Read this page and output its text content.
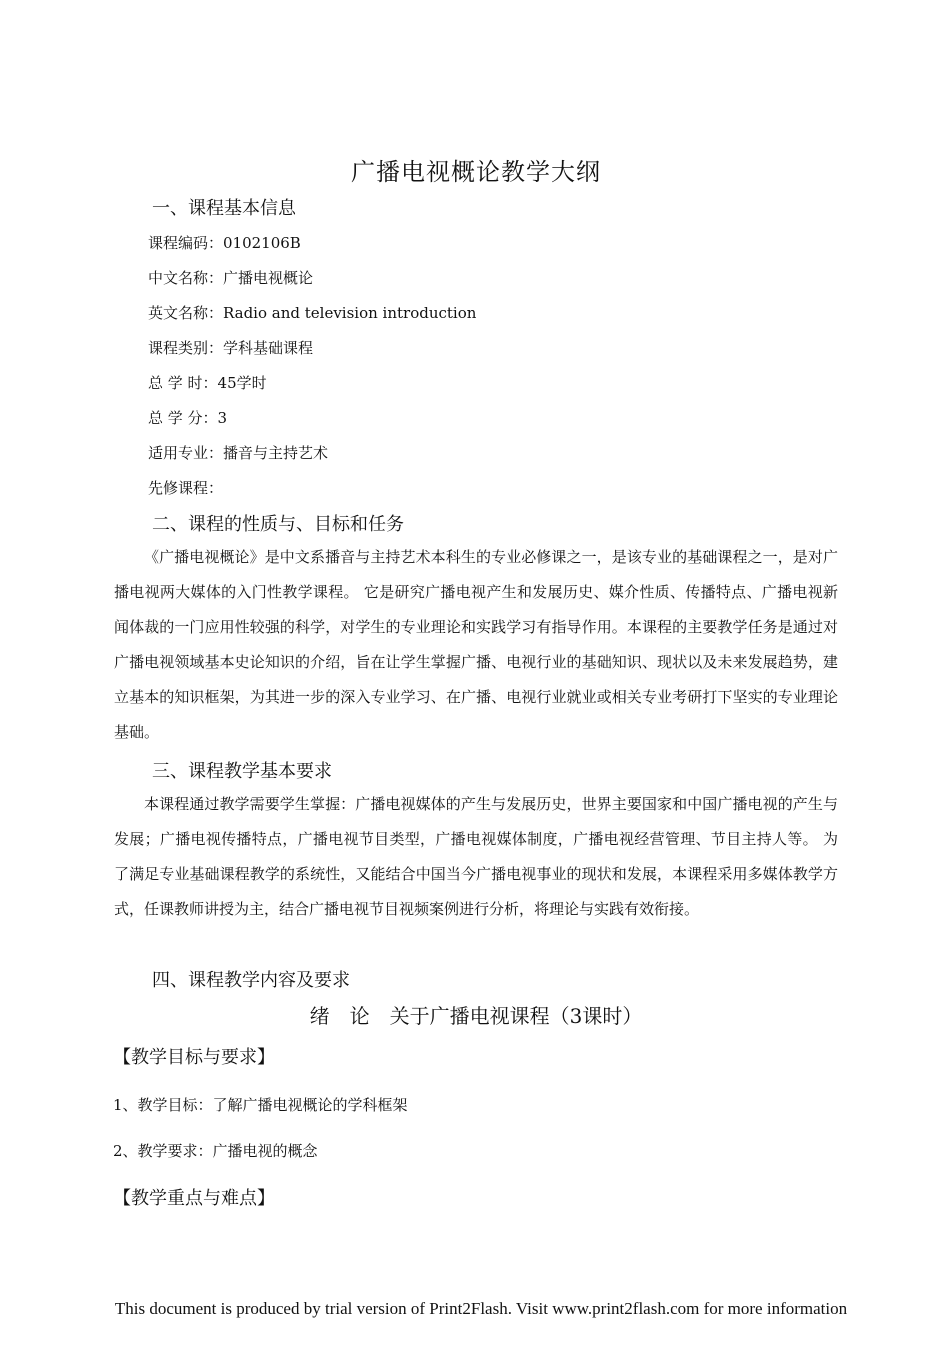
广播电视概论教学大纲
一、课程基本信息
课程编码：0102106B
中文名称：广播电视概论
英文名称：Radio and television introduction
课程类别：学科基础课程
总 学 时：45学时
总 学 分：3
适用专业：播音与主持艺术
先修课程：
二、课程的性质与、目标和任务

《广播电视概论》是中文系播音与主持艺术本科生的专业必修课之一，是该专业的基础课程之一，是对广播电视两大媒体的入门性教学课程。 它是研究广播电视产生和发展历史、媒介性质、传播特点、广播电视新闻体裁的一门应用性较强的科学，对学生的专业理论和实践学习有指导作用。本课程的主要教学任务是通过对广播电视领域基本史论知识的介绍，旨在让学生掌握广播、电视行业的基础知识、现状以及未来发展趋势，建立基本的知识框架，为其进一步的深入专业学习、在广播、电视行业就业或相关专业考研打下坚实的专业理论基础。

三、课程教学基本要求

本课程通过教学需要学生掌握：广播电视媒体的产生与发展历史，世界主要国家和中国广播电视的产生与发展；广播电视传播特点，广播电视节目类型，广播电视媒体制度，广播电视经营管理、节目主持人等。 为了满足专业基础课程教学的系统性，又能结合中国当今广播电视事业的现状和发展，本课程采用多媒体教学方式，任课教师讲授为主，结合广播电视节目视频案例进行分析，将理论与实践有效衔接。

四、课程教学内容及要求
绪　论　关于广播电视课程（3课时）
【教学目标与要求】
1、教学目标：了解广播电视概论的学科框架
2、教学要求：广播电视的概念
【教学重点与难点】
This document is produced by trial version of Print2Flash. Visit www.print2flash.com for more information
